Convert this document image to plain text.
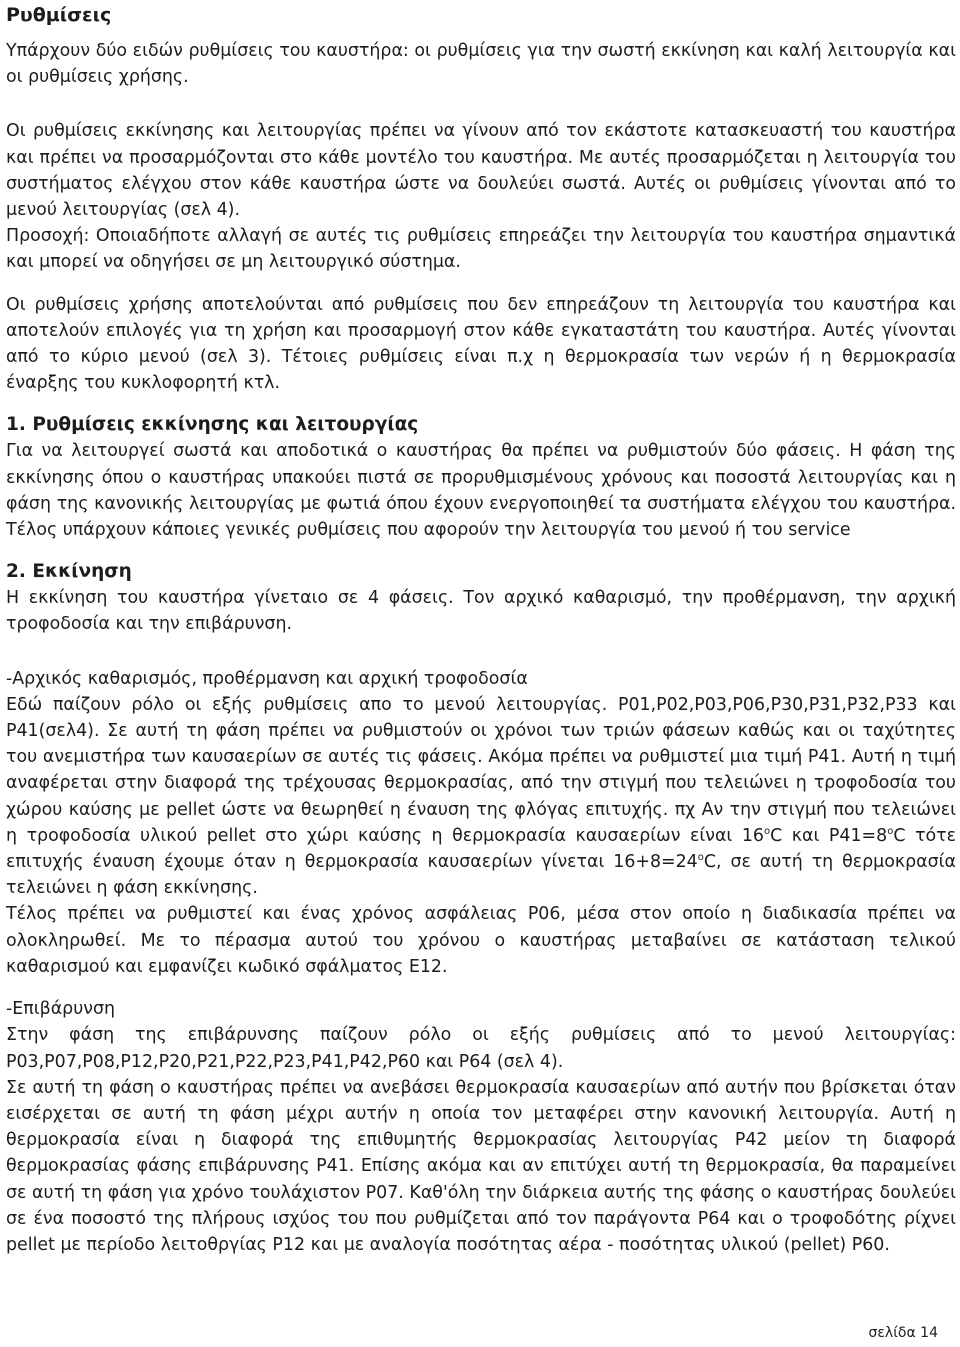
Ρυθμίσεις

Υπάρχουν δύο ειδών ρυθμίσεις του καυστήρα: οι ρυθμίσεις για την σωστή εκκίνηση και καλή λειτουργία και οι ρυθμίσεις χρήσης.

Οι ρυθμίσεις εκκίνησης και λειτουργίας πρέπει να γίνουν από τον εκάστοτε κατασκευαστή του καυστήρα και πρέπει να προσαρμόζονται στο κάθε μοντέλο του καυστήρα. Με αυτές προσαρμόζεται η λειτουργία του συστήματος ελέγχου στον κάθε καυστήρα ώστε να δουλεύει σωστά. Αυτές οι ρυθμίσεις γίνονται από το μενού λειτουργίας (σελ 4).

Προσοχή: Οποιαδήποτε αλλαγή σε αυτές τις ρυθμίσεις επηρεάζει την λειτουργία του καυστήρα σημαντικά και μπορεί να οδηγήσει σε μη λειτουργικό σύστημα.

Οι ρυθμίσεις χρήσης αποτελούνται από ρυθμίσεις που δεν επηρεάζουν τη λειτουργία του καυστήρα και αποτελούν επιλογές για τη χρήση και προσαρμογή στον κάθε εγκαταστάτη του καυστήρα. Αυτές γίνονται από το κύριο μενού (σελ 3). Τέτοιες ρυθμίσεις είναι π.χ η θερμοκρασία των νερών ή η θερμοκρασία έναρξης του κυκλοφορητή κτλ.

1. Ρυθμίσεις εκκίνησης και λειτουργίας

Για να λειτουργεί σωστά και αποδοτικά ο καυστήρας θα πρέπει να ρυθμιστούν δύο φάσεις. Η φάση της εκκίνησης όπου ο καυστήρας υπακούει πιστά σε προρυθμισμένους χρόνους και ποσοστά λειτουργίας και η φάση της κανονικής λειτουργίας με φωτιά όπου έχουν ενεργοποιηθεί τα συστήματα ελέγχου του καυστήρα. Τέλος υπάρχουν κάποιες γενικές ρυθμίσεις που αφορούν την λειτουργία του μενού ή του service

2. Εκκίνηση

Η εκκίνηση του καυστήρα γίνεταιο σε 4 φάσεις. Τον αρχικό καθαρισμό, την προθέρμανση, την αρχική τροφοδοσία και την επιβάρυνση.

-Αρχικός καθαρισμός, προθέρμανση και αρχική τροφοδοσία

Εδώ παίζουν ρόλο οι εξής ρυθμίσεις απο το μενού λειτουργίας. P01,P02,P03,P06,P30,P31,P32,P33 και P41(σελ4). Σε αυτή τη φάση πρέπει να ρυθμιστούν οι χρόνοι των τριών φάσεων καθώς και οι ταχύτητες του ανεμιστήρα των καυσαερίων σε αυτές τις φάσεις. Ακόμα πρέπει να ρυθμιστεί μια τιμή P41. Αυτή η τιμή αναφέρεται στην διαφορά της τρέχουσας θερμοκρασίας, από την στιγμή που τελειώνει η τροφοδοσία του χώρου καύσης με pellet ώστε να θεωρηθεί η έναυση της φλόγας επιτυχής. πχ Αν την στιγμή που τελειώνει η τροφοδοσία υλικού pellet στο χώρι καύσης η θερμοκρασία καυσαερίων είναι 16$^o$C και $P41=8^oC$ τότε επιτυχής έναυση έχουμε όταν η θερμοκρασία καυσαερίων γίνεται $16+8=24^oC$, σε αυτή τη θερμοκρασία τελειώνει η φάση εκκίνησης.

Τέλος πρέπει να ρυθμιστεί και ένας χρόνος ασφάλειας P06, μέσα στον οποίο η διαδικασία πρέπει να ολοκληρωθεί. Με το πέρασμα αυτού του χρόνου ο καυστήρας μεταβαίνει σε κατάσταση τελικού καθαρισμού και εμφανίζει κωδικό σφάλματος E12.

-Επιβάρυνση

Στην φάση της επιβάρυνσης παίζουν ρόλο οι εξής ρυθμίσεις από το μενού λειτουργίας: P03,P07,P08,P12,P20,P21,P22,P23,P41,P42,P60 και P64 (σελ 4).

Σε αυτή τη φάση ο καυστήρας πρέπει να ανεβάσει θερμοκρασία καυσαερίων από αυτήν που βρίσκεται όταν εισέρχεται σε αυτή τη φάση μέχρι αυτήν η οποία τον μεταφέρει στην κανονική λειτουργία. Αυτή η θερμοκρασία είναι η διαφορά της επιθυμητής θερμοκρασίας λειτουργίας P42 μείον τη διαφορά θερμοκρασίας φάσης επιβάρυνσης P41. Επίσης ακόμα και αν επιτύχει αυτή τη θερμοκρασία, θα παραμείνει σε αυτή τη φάση για χρόνο τουλάχιστον P07. Καθ'όλη την διάρκεια αυτής της φάσης ο καυστήρας δουλεύει σε ένα ποσοστό της πλήρους ισχύος του που ρυθμίζεται από τον παράγοντα P64 και ο τροφοδότης ρίχνει pellet με περίοδο λειτοθργίας P12 και με αναλογία ποσότητας αέρα - ποσότητας υλικού (pellet) P60.

σελίδα 14
